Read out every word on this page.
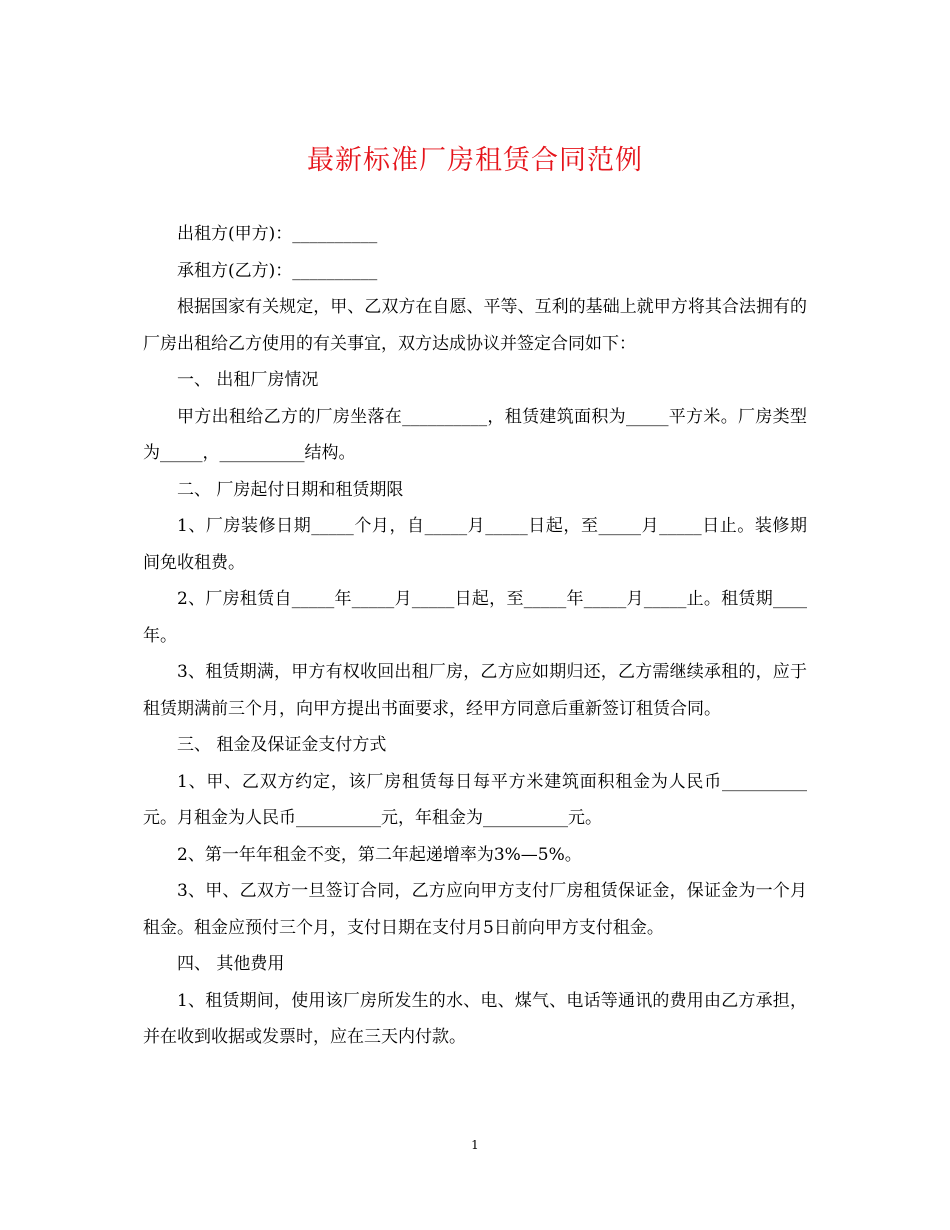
最新标准厂房租赁合同范例

出租方(甲方)：__________

承租方(乙方)：__________

根据国家有关规定，甲、乙双方在自愿、平等、互利的基础上就甲方将其合法拥有的厂房出租给乙方使用的有关事宜，双方达成协议并签定合同如下：

一、 出租厂房情况

甲方出租给乙方的厂房坐落在__________，租赁建筑面积为_____平方米。厂房类型为_____，__________结构。

二、 厂房起付日期和租赁期限

1、厂房装修日期_____个月，自_____月_____日起，至_____月_____日止。装修期间免收租费。

2、厂房租赁自_____年_____月_____日起，至_____年_____月_____止。租赁期____年。

3、租赁期满，甲方有权收回出租厂房，乙方应如期归还，乙方需继续承租的，应于租赁期满前三个月，向甲方提出书面要求，经甲方同意后重新签订租赁合同。

三、 租金及保证金支付方式

1、甲、乙双方约定，该厂房租赁每日每平方米建筑面积租金为人民币__________元。月租金为人民币__________元，年租金为__________元。

2、第一年年租金不变，第二年起递增率为3%—5%。

3、甲、乙双方一旦签订合同，乙方应向甲方支付厂房租赁保证金，保证金为一个月租金。租金应预付三个月，支付日期在支付月5日前向甲方支付租金。

四、 其他费用

1、租赁期间，使用该厂房所发生的水、电、煤气、电话等通讯的费用由乙方承担，并在收到收据或发票时，应在三天内付款。

1
